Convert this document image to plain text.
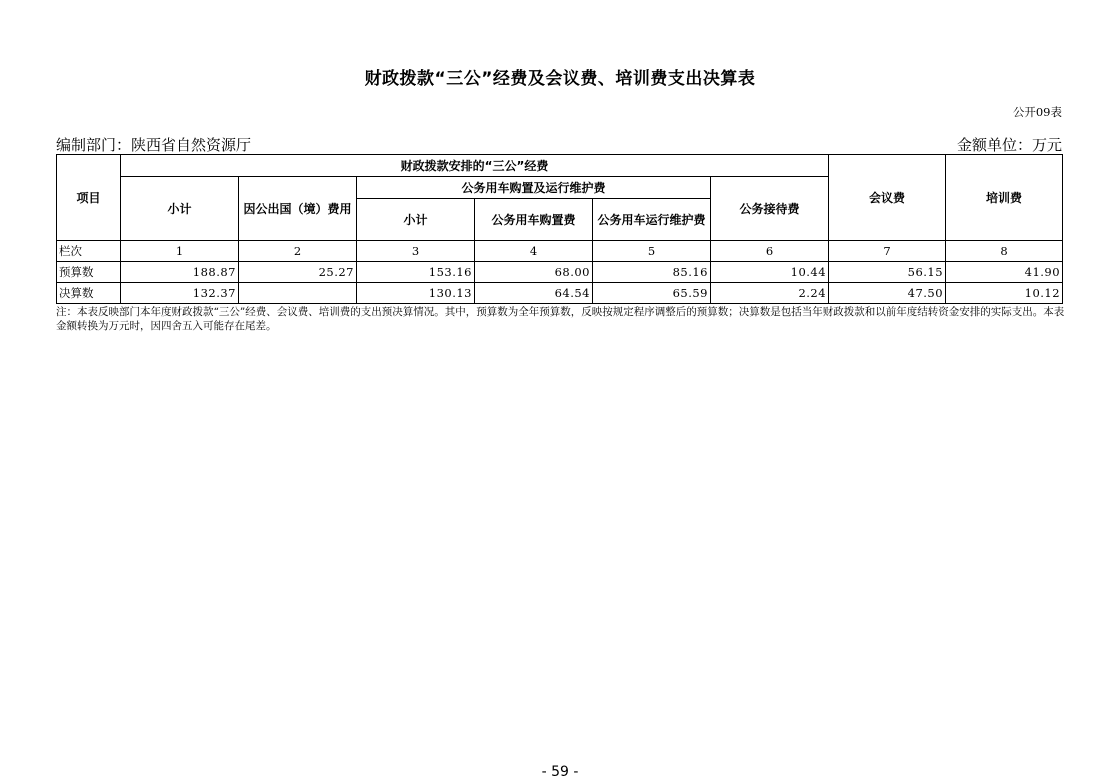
财政拨款“三公”经费及会议费、培训费支出决算表
公开09表
编制部门：陕西省自然资源厅	金额单位：万元
项目	财政拨款安排的“三公”经费						会议费	培训费
	小计	因公出国（境）费用	公务用车购置及运行维护费			公务接待费		
			小计	公务用车购置费	公务用车运行维护费			
栏次	1	2	3	4	5	6	7	8
预算数	188.87	25.27	153.16	68.00	85.16	10.44	56.15	41.90
决算数	132.37		130.13	64.54	65.59	2.24	47.50	10.12
注：本表反映部门本年度财政拨款“三公”经费、会议费、培训费的支出预决算情况。其中，预算数为全年预算数，反映按规定程序调整后的预算数；决算数是包括当年财政拨款和以前年度结转资金安排的实际支出。本表金额转换为万元时，因四舍五入可能存在尾差。
- 59 -
